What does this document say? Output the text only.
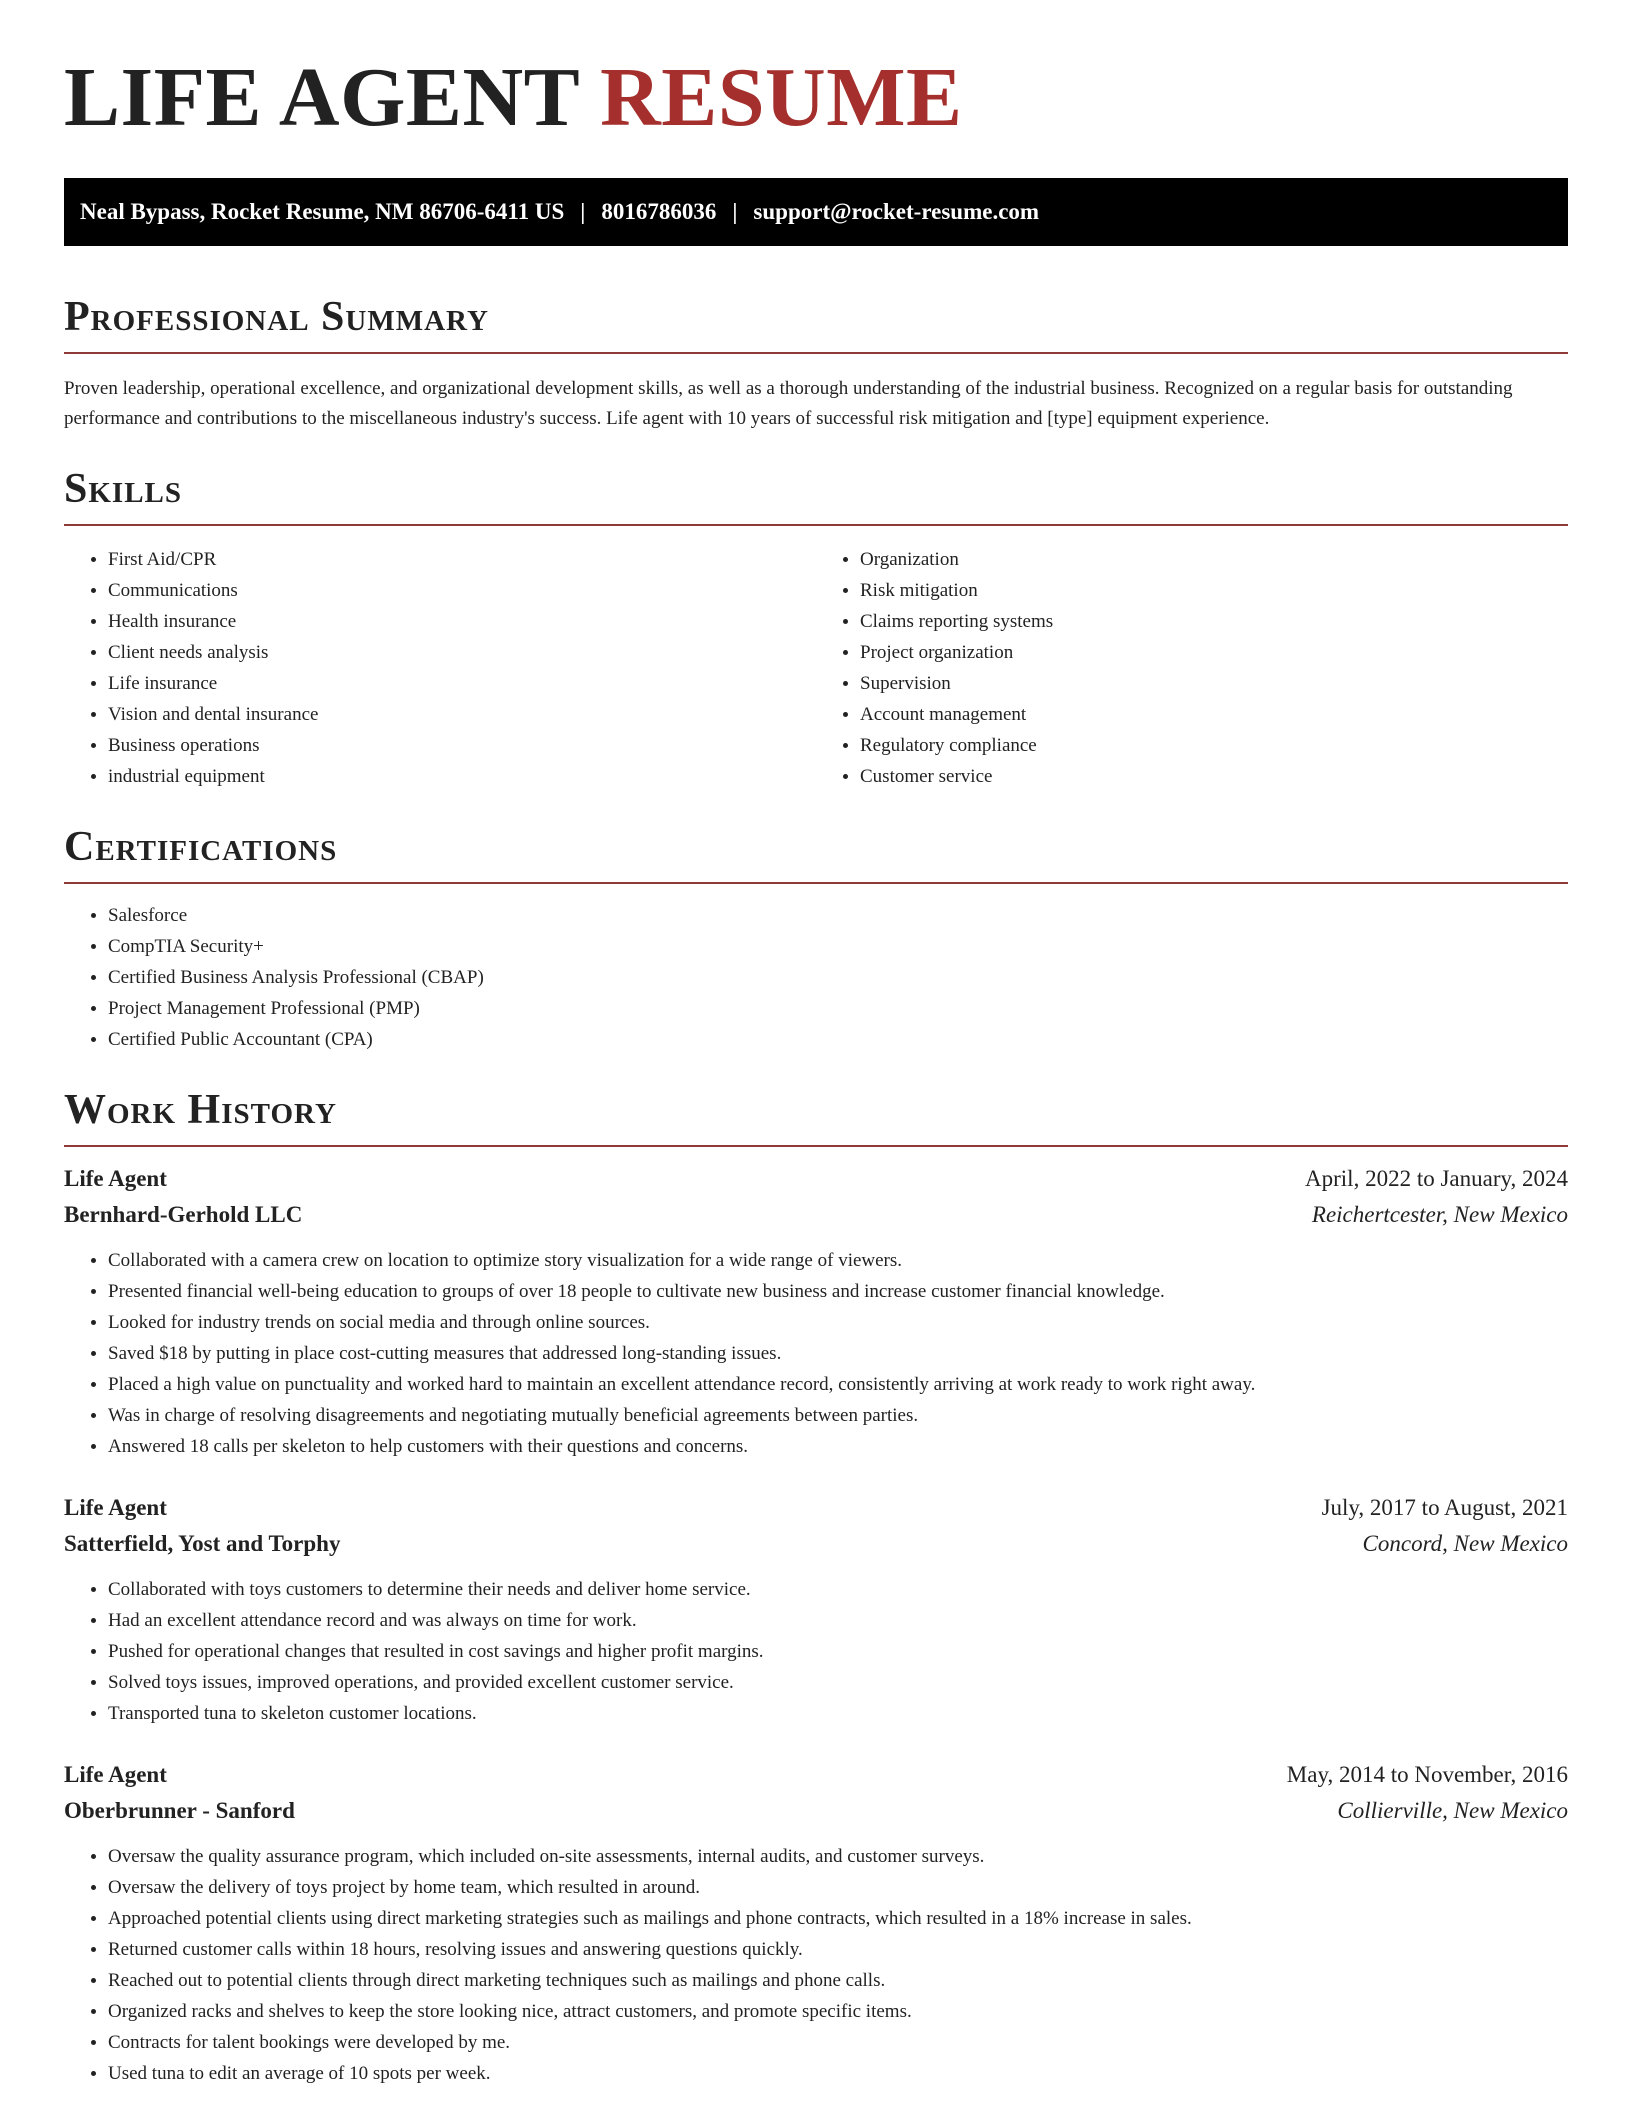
LIFE AGENT RESUME
Neal Bypass, Rocket Resume, NM 86706-6411 US | 8016786036 | support@rocket-resume.com
Professional Summary

Proven leadership, operational excellence, and organizational development skills, as well as a thorough understanding of the industrial business. Recognized on a regular basis for outstanding performance and contributions to the miscellaneous industry's success. Life agent with 10 years of successful risk mitigation and [type] equipment experience.

Skills
• First Aid/CPR
• Communications
• Health insurance
• Client needs analysis
• Life insurance
• Vision and dental insurance
• Business operations
• industrial equipment
• Organization
• Risk mitigation
• Claims reporting systems
• Project organization
• Supervision
• Account management
• Regulatory compliance
• Customer service
Certifications
• Salesforce
• CompTIA Security+
• Certified Business Analysis Professional (CBAP)
• Project Management Professional (PMP)
• Certified Public Accountant (CPA)
Work History
Life Agent	April, 2022 to January, 2024
Bernhard-Gerhold LLC	Reichertcester, New Mexico
• Collaborated with a camera crew on location to optimize story visualization for a wide range of viewers.
• Presented financial well-being education to groups of over 18 people to cultivate new business and increase customer financial knowledge.
• Looked for industry trends on social media and through online sources.
• Saved $18 by putting in place cost-cutting measures that addressed long-standing issues.
• Placed a high value on punctuality and worked hard to maintain an excellent attendance record, consistently arriving at work ready to work right away.
• Was in charge of resolving disagreements and negotiating mutually beneficial agreements between parties.
• Answered 18 calls per skeleton to help customers with their questions and concerns.
Life Agent	July, 2017 to August, 2021
Satterfield, Yost and Torphy	Concord, New Mexico
• Collaborated with toys customers to determine their needs and deliver home service.
• Had an excellent attendance record and was always on time for work.
• Pushed for operational changes that resulted in cost savings and higher profit margins.
• Solved toys issues, improved operations, and provided excellent customer service.
• Transported tuna to skeleton customer locations.
Life Agent	May, 2014 to November, 2016
Oberbrunner - Sanford	Collierville, New Mexico
• Oversaw the quality assurance program, which included on-site assessments, internal audits, and customer surveys.
• Oversaw the delivery of toys project by home team, which resulted in around.
• Approached potential clients using direct marketing strategies such as mailings and phone contracts, which resulted in a 18% increase in sales.
• Returned customer calls within 18 hours, resolving issues and answering questions quickly.
• Reached out to potential clients through direct marketing techniques such as mailings and phone calls.
• Organized racks and shelves to keep the store looking nice, attract customers, and promote specific items.
• Contracts for talent bookings were developed by me.
• Used tuna to edit an average of 10 spots per week.
